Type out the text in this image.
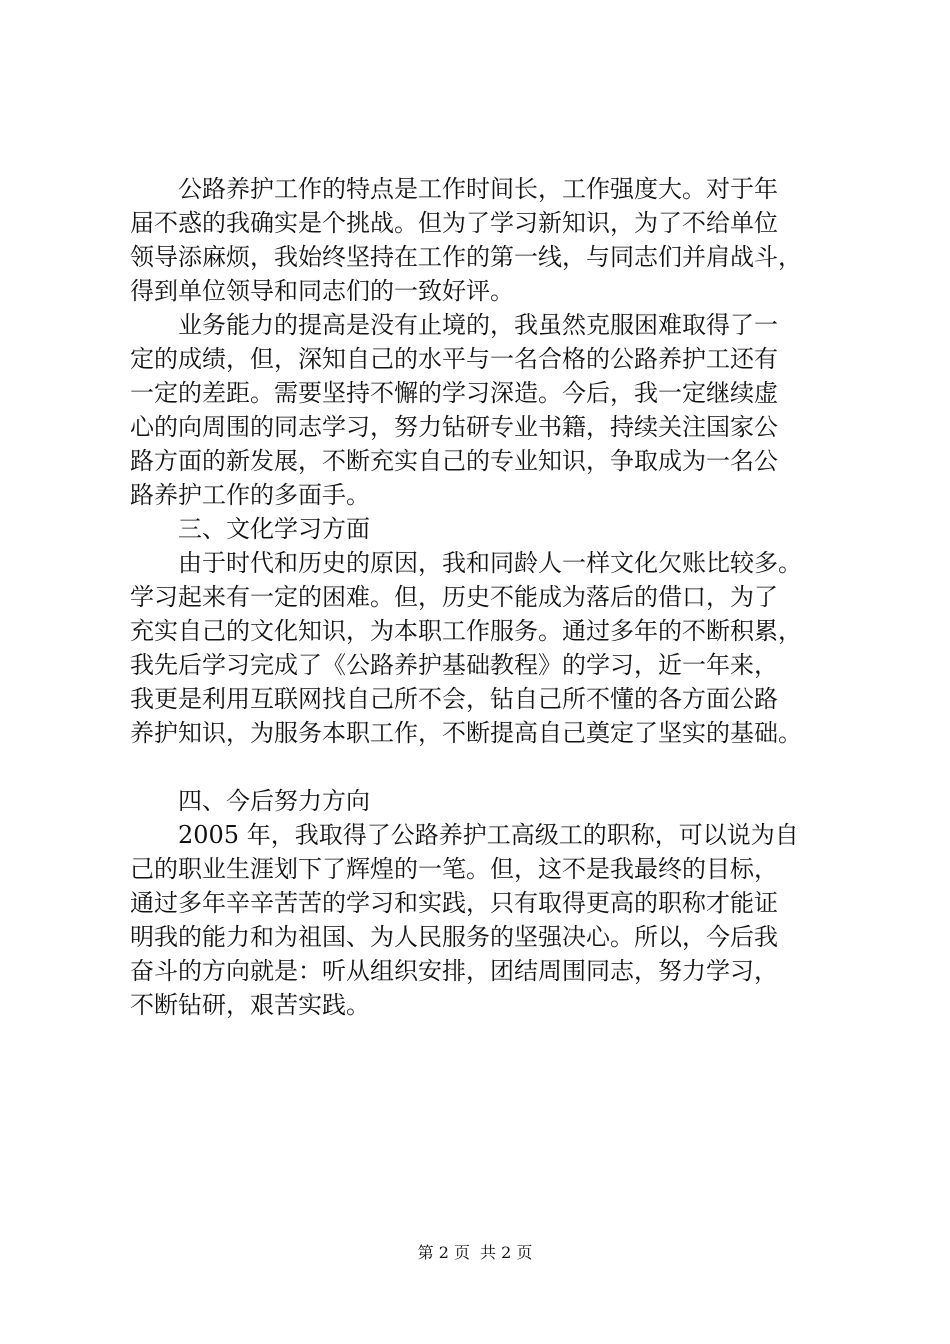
公路养护工作的特点是工作时间长，工作强度大。对于年
届不惑的我确实是个挑战。但为了学习新知识，为了不给单位
领导添麻烦，我始终坚持在工作的第一线，与同志们并肩战斗，
得到单位领导和同志们的一致好评。
业务能力的提高是没有止境的，我虽然克服困难取得了一
定的成绩，但，深知自己的水平与一名合格的公路养护工还有
一定的差距。需要坚持不懈的学习深造。今后，我一定继续虚
心的向周围的同志学习，努力钻研专业书籍，持续关注国家公
路方面的新发展，不断充实自己的专业知识，争取成为一名公
路养护工作的多面手。
三、文化学习方面
由于时代和历史的原因，我和同龄人一样文化欠账比较多。
学习起来有一定的困难。但，历史不能成为落后的借口，为了
充实自己的文化知识，为本职工作服务。通过多年的不断积累，
我先后学习完成了《公路养护基础教程》的学习，近一年来，
我更是利用互联网找自己所不会，钻自己所不懂的各方面公路
养护知识，为服务本职工作，不断提高自己奠定了坚实的基础。
四、今后努力方向
2005 年，我取得了公路养护工高级工的职称，可以说为自
己的职业生涯划下了辉煌的一笔。但，这不是我最终的目标，
通过多年辛辛苦苦的学习和实践，只有取得更高的职称才能证
明我的能力和为祖国、为人民服务的坚强决心。所以，今后我
奋斗的方向就是：听从组织安排，团结周围同志，努力学习，
不断钻研，艰苦实践。
第 2 页 共 2 页
